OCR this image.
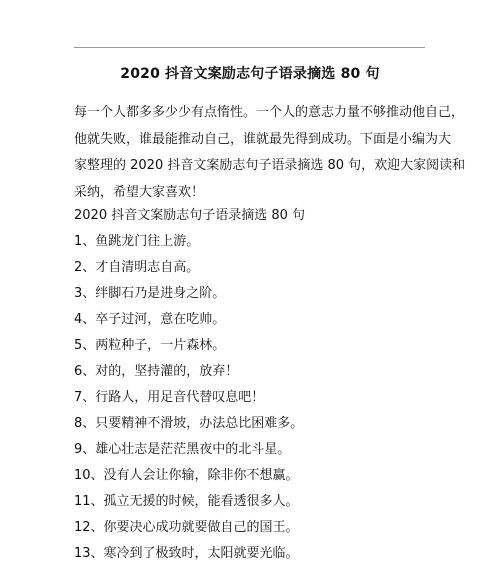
2020 抖音文案励志句子语录摘选 80 句
每一个人都多多少少有点惰性。一个人的意志力量不够推动他自己，
他就失败，谁最能推动自己，谁就最先得到成功。下面是小编为大
家整理的 2020 抖音文案励志句子语录摘选 80 句，欢迎大家阅读和
采纳，希望大家喜欢！
2020 抖音文案励志句子语录摘选 80 句
1、鱼跳龙门往上游。
2、才自清明志自高。
3、绊脚石乃是进身之阶。
4、卒子过河，意在吃帅。
5、两粒种子，一片森林。
6、对的，坚持灌的，放弃！
7、行路人，用足音代替叹息吧！
8、只要精神不滑坡，办法总比困难多。
9、雄心壮志是茫茫黑夜中的北斗星。
10、没有人会让你输，除非你不想赢。
11、孤立无援的时候，能看透很多人。
12、你要决心成功就要做自己的国王。
13、寒冷到了极致时，太阳就要光临。
